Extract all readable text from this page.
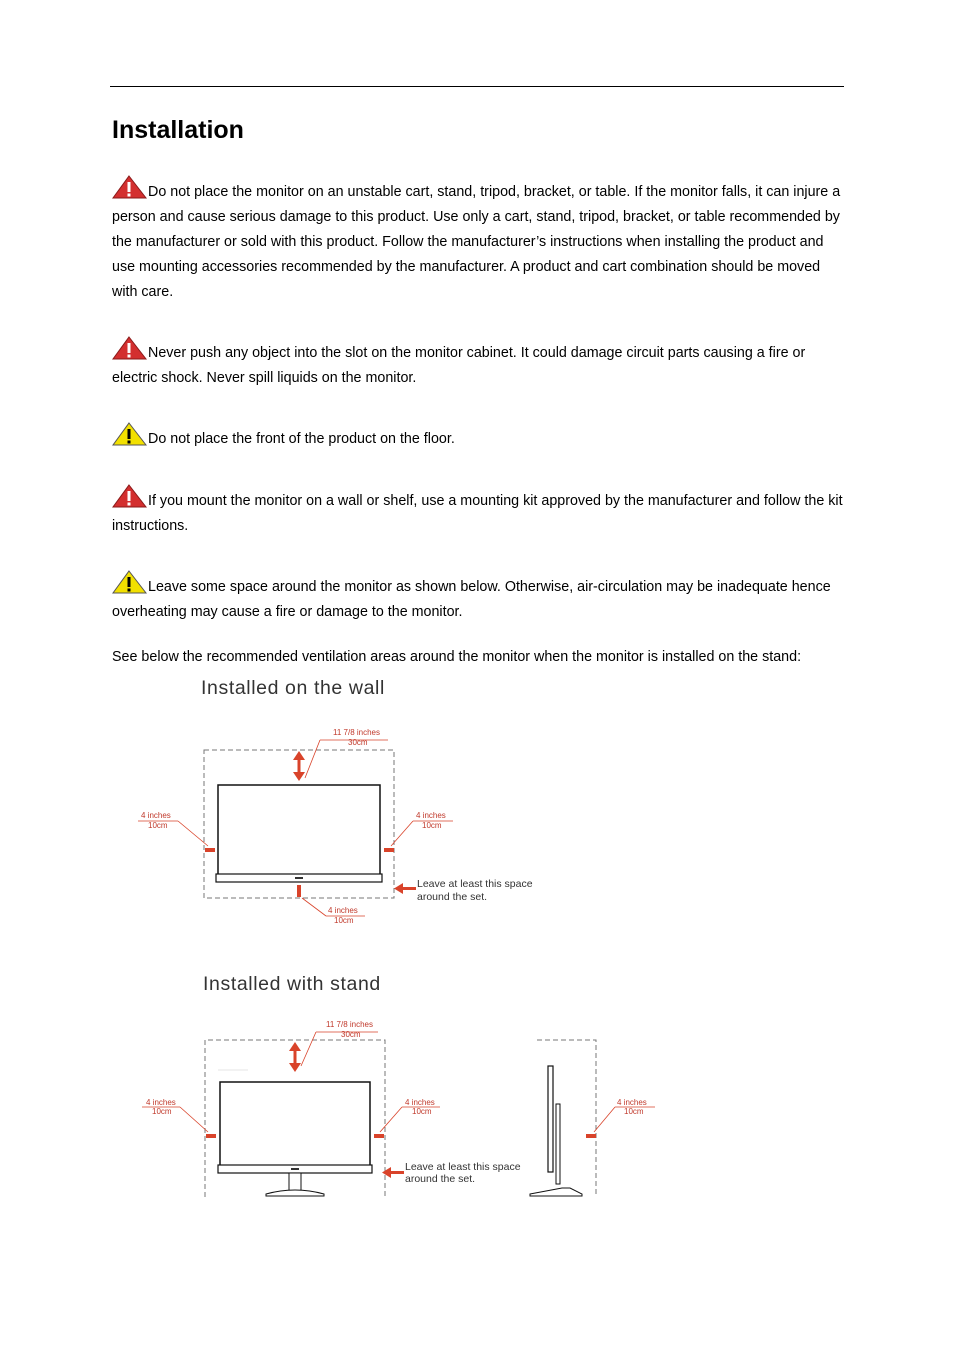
Installation

Do not place the monitor on an unstable cart, stand, tripod, bracket, or table. If the monitor falls, it can injure a person and cause serious damage to this product. Use only a cart, stand, tripod, bracket, or table recommended by the manufacturer or sold with this product. Follow the manufacturer’s instructions when installing the product and use mounting accessories recommended by the manufacturer. A product and cart combination should be moved with care.

Never push any object into the slot on the monitor cabinet. It could damage circuit parts causing a fire or electric shock. Never spill liquids on the monitor.

Do not place the front of the product on the floor.

If you mount the monitor on a wall or shelf, use a mounting kit approved by the manufacturer and follow the kit instructions.

Leave some space around the monitor as shown below. Otherwise, air-circulation may be inadequate hence overheating may cause a fire or damage to the monitor.

See below the recommended ventilation areas around the monitor when the monitor is installed on the stand:

Installed on the wall
11 7/8 inches
30cm
4 inches
10cm
4 inches
10cm
4 inches
10cm
Leave at least this space
around the set.
Installed with stand
11 7/8 inches
30cm
4 inches
10cm
4 inches
10cm
Leave at least this space
around the set.
4 inches
10cm
